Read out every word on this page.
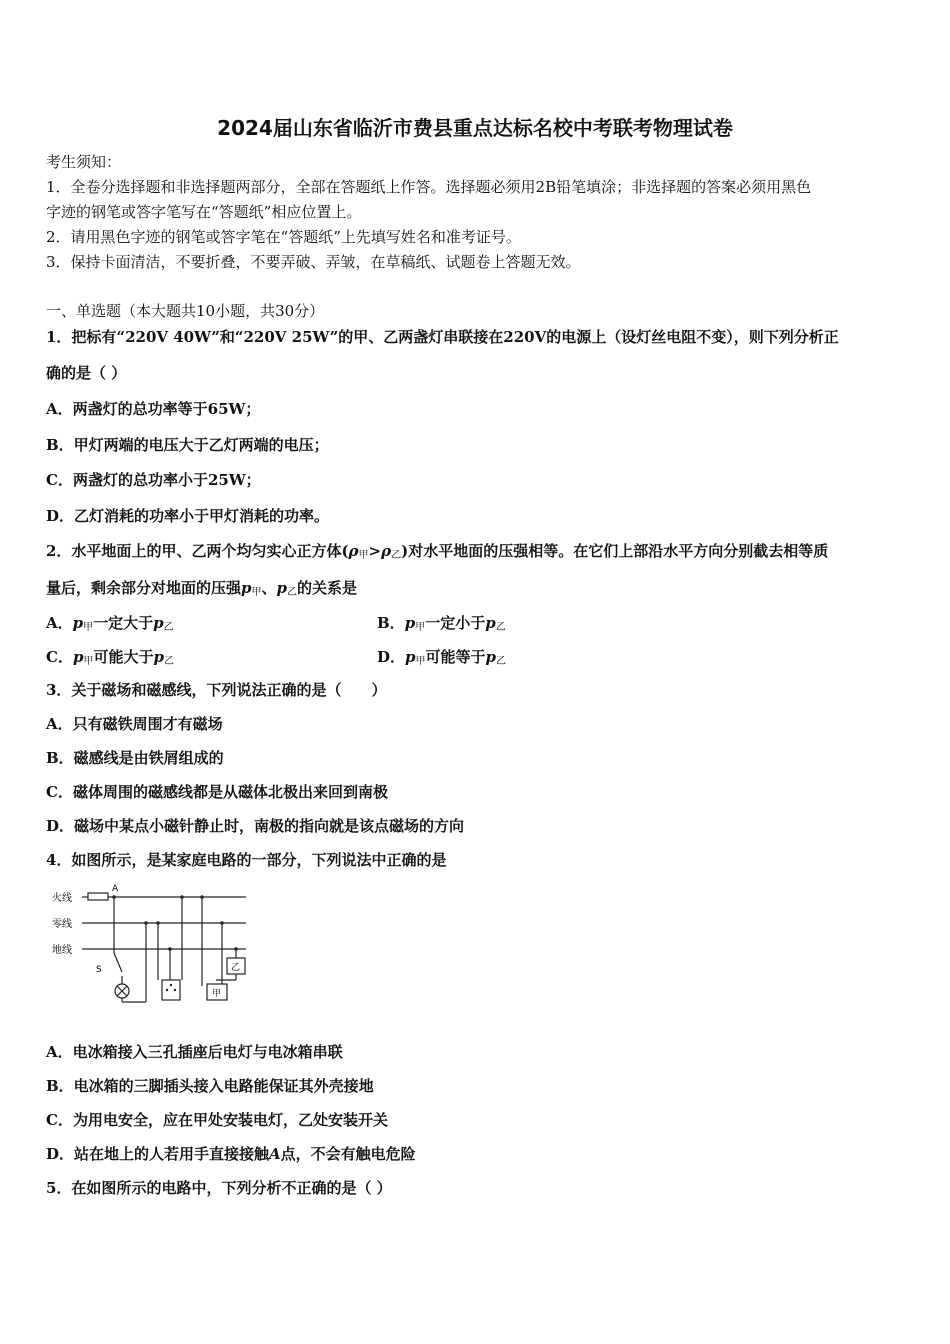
2024届山东省临沂市费县重点达标名校中考联考物理试卷
考生须知：
1．全卷分选择题和非选择题两部分，全部在答题纸上作答。选择题必须用2B铅笔填涂；非选择题的答案必须用黑色
字迹的钢笔或答字笔写在“答题纸”相应位置上。
2．请用黑色字迹的钢笔或答字笔在“答题纸”上先填写姓名和准考证号。
3．保持卡面清洁，不要折叠，不要弄破、弄皱，在草稿纸、试题卷上答题无效。
一、单选题（本大题共10小题，共30分）
1．把标有“220V 40W”和“220V 25W”的甲、乙两盏灯串联接在220V的电源上（设灯丝电阻不变），则下列分析正
确的是（ ）
A．两盏灯的总功率等于65W；
B．甲灯两端的电压大于乙灯两端的电压；
C．两盏灯的总功率小于25W；
D．乙灯消耗的功率小于甲灯消耗的功率。
2．水平地面上的甲、乙两个均匀实心正方体$(\rho_甲>\rho_乙)$对水平地面的压强相等。在它们上部沿水平方向分别截去相等质
量后，剩余部分对地面的压强$p_甲$、$p_乙$的关系是
A．$p_甲$一定大于$p_乙$	B．$p_甲$一定小于$p_乙$
C．$p_甲$可能大于$p_乙$	D．$p_甲$可能等于$p_乙$
3．关于磁场和磁感线，下列说法正确的是（　　）
A．只有磁铁周围才有磁场
B．磁感线是由铁屑组成的
C．磁体周围的磁感线都是从磁体北极出来回到南极
D．磁场中某点小磁针静止时，南极的指向就是该点磁场的方向
4．如图所示，是某家庭电路的一部分，下列说法中正确的是
火线
零线
地线
A
S
甲
乙
A．电冰箱接入三孔插座后电灯与电冰箱串联
B．电冰箱的三脚插头接入电路能保证其外壳接地
C．为用电安全，应在甲处安装电灯，乙处安装开关
D．站在地上的人若用手直接接触A点，不会有触电危险
5．在如图所示的电路中，下列分析不正确的是（ ）
